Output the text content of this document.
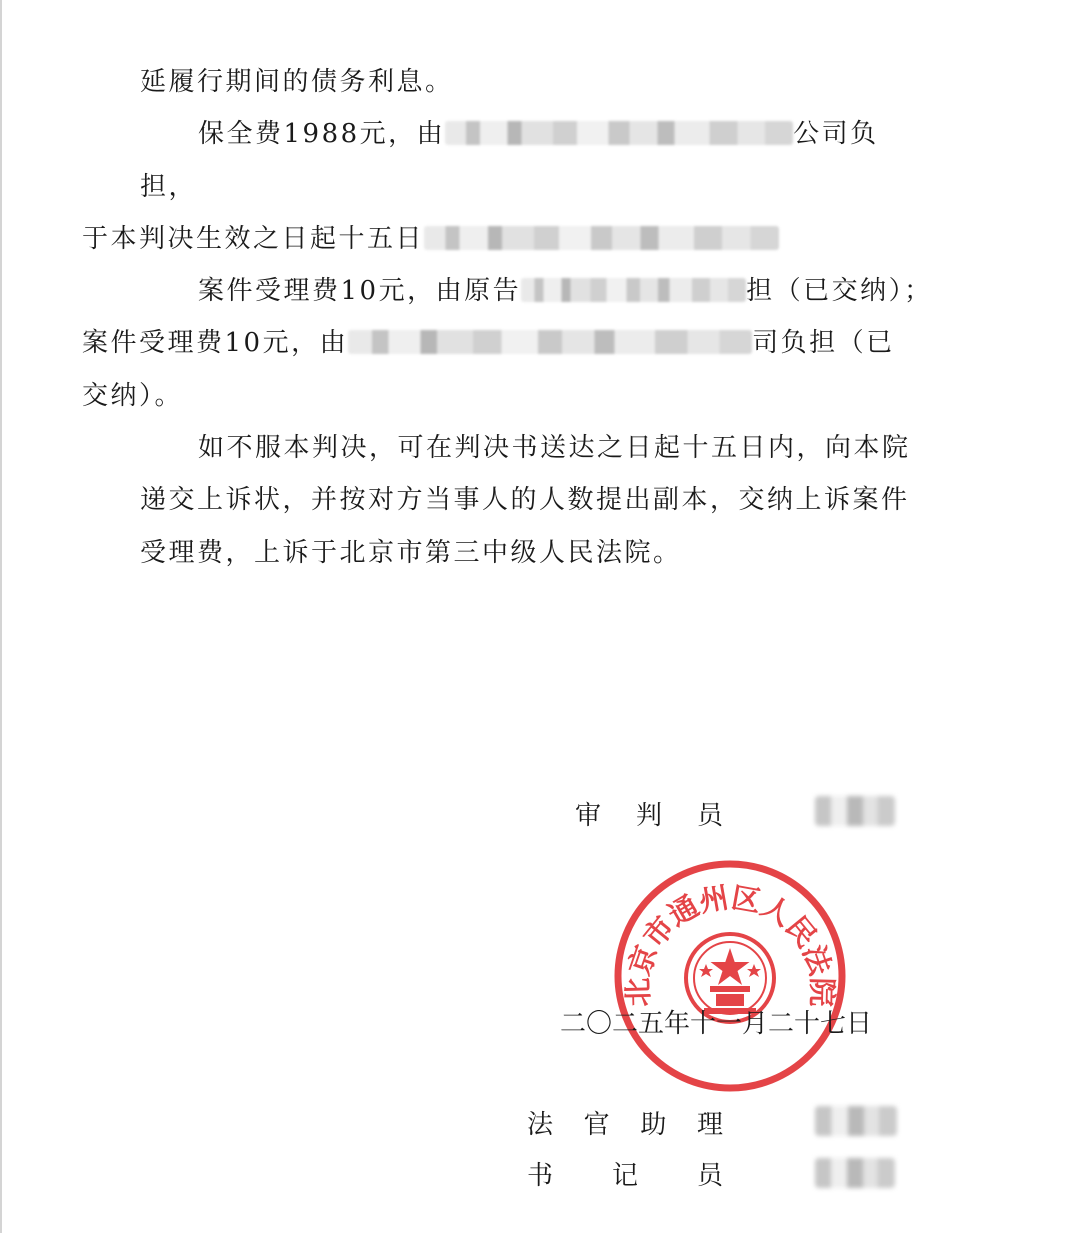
延履行期间的债务利息。

保全费1988元，由	公司负担，
于本判决生效之日起十五日

案件受理费10元，由原告	担（已交纳）；
案件受理费10元，由	司负担（已
交纳）。

如不服本判决，可在判决书送达之日起十五日内，向本院递交上诉状，并按对方当事人的人数提出副本，交纳上诉案件受理费，上诉于北京市第三中级人民法院。

审 判 员
北京市通州区人民法院
二〇二五年十一月二十七日
法 官 助 理
书 记 员
